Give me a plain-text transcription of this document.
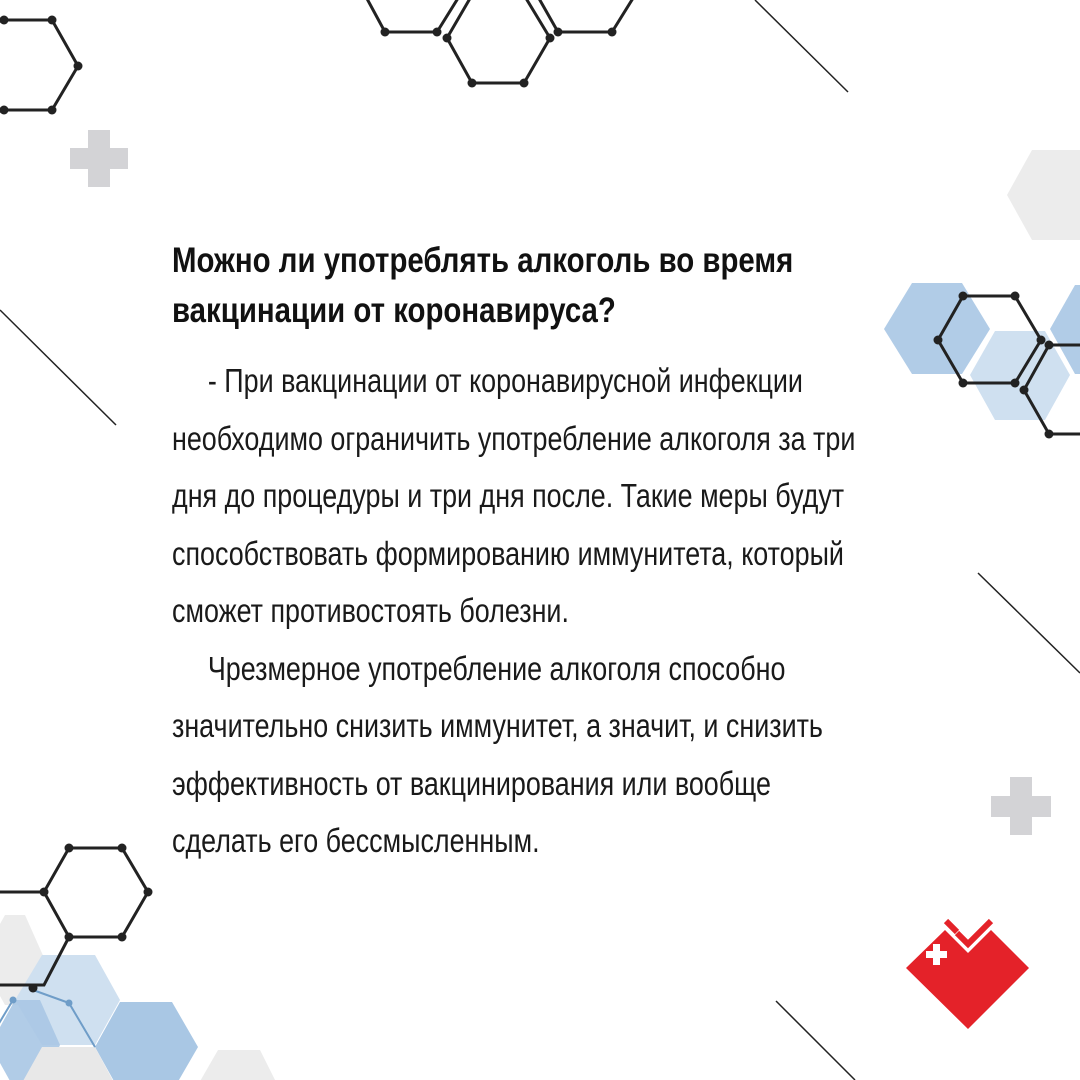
Можно ли употреблять алкоголь во время
вакцинации от коронавируса?
- При вакцинации от коронавирусной инфекции
необходимо ограничить употребление алкоголя за три
дня до процедуры и три дня после. Такие меры будут
способствовать формированию иммунитета, который
сможет противостоять болезни.
Чрезмерное употребление алкоголя способно
значительно снизить иммунитет, а значит, и снизить
эффективность от вакцинирования или вообще
сделать его бессмысленным.
